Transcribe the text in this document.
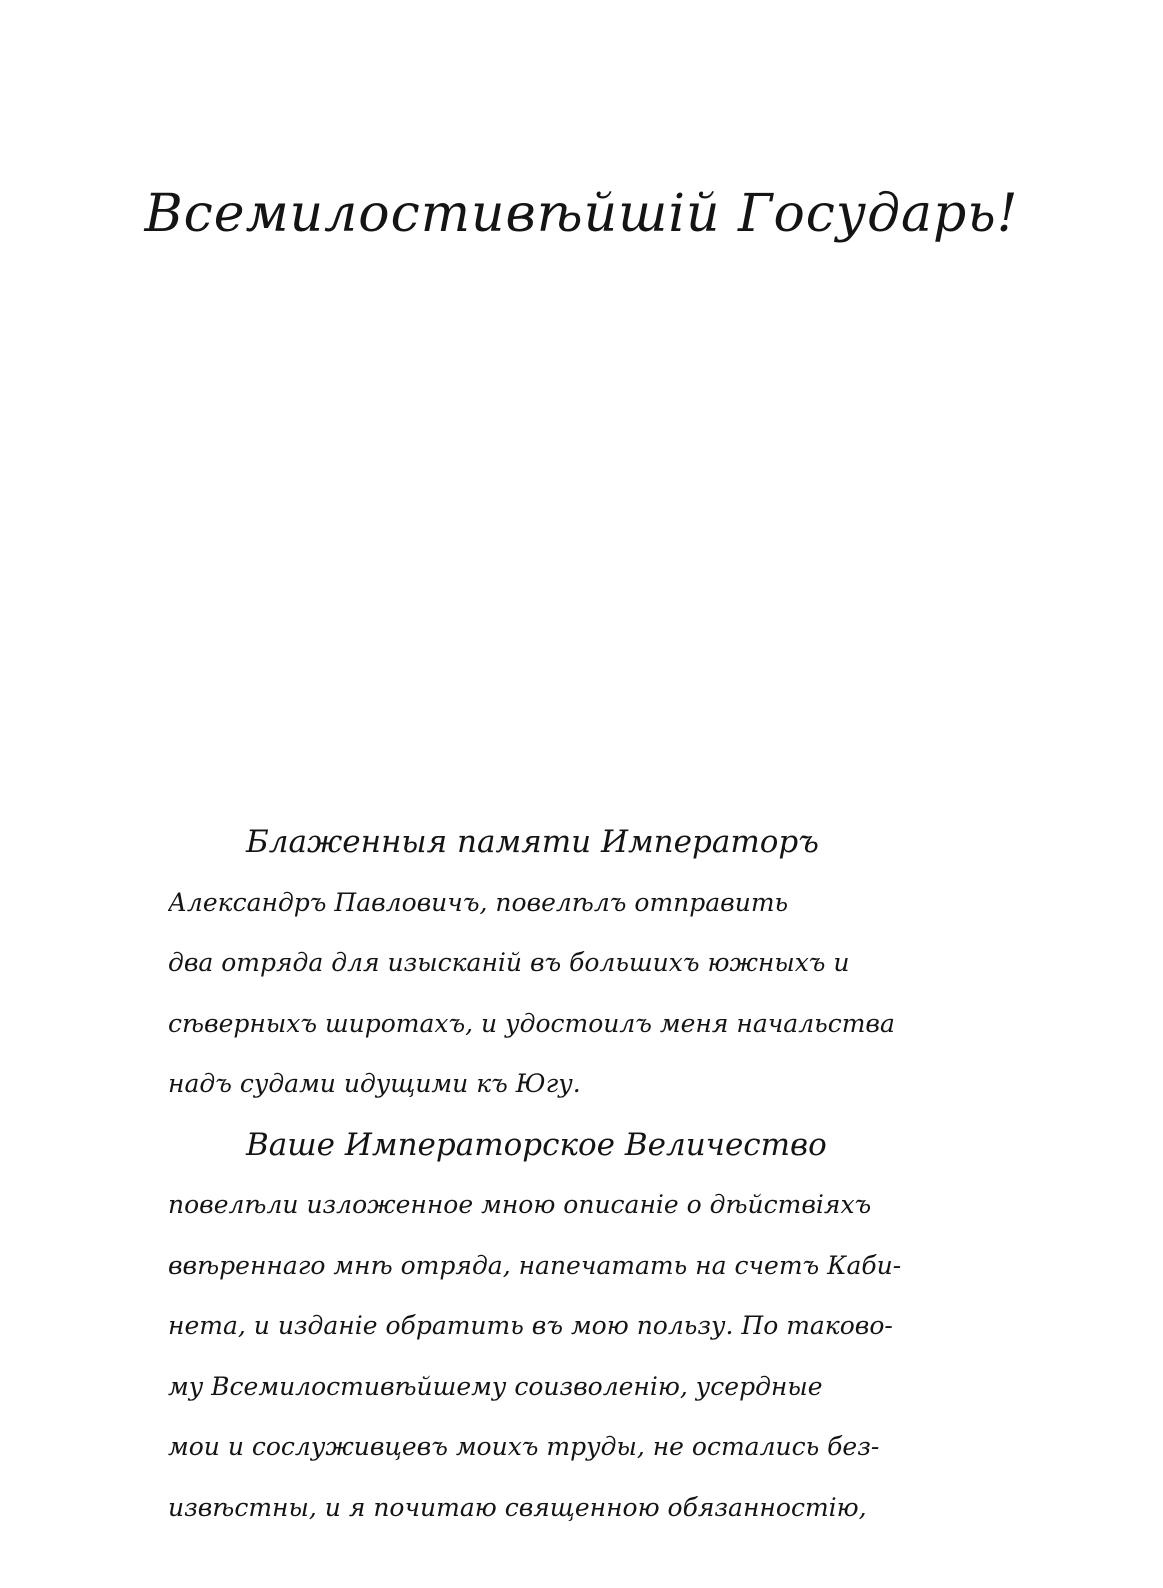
Всемилостивѣйшій Государь!
Блаженныя памяти Императоръ
Александръ Павловичъ, повелѣлъ отправить
два отряда для изысканій въ большихъ южныхъ и
сѣверныхъ широтахъ, и удостоилъ меня начальства
надъ судами идущими къ Югу.
Ваше Императорское Величество
повелѣли изложенное мною описаніе о дѣйствіяхъ
ввѣреннаго мнѣ отряда, напечатать на счетъ Каби-
нета, и изданіе обратить въ мою пользу. По таково-
му Всемилостивѣйшему соизволенію, усердные
мои и сослуживцевъ моихъ труды, не остались без-
извѣстны, и я почитаю священною обязанностію,
